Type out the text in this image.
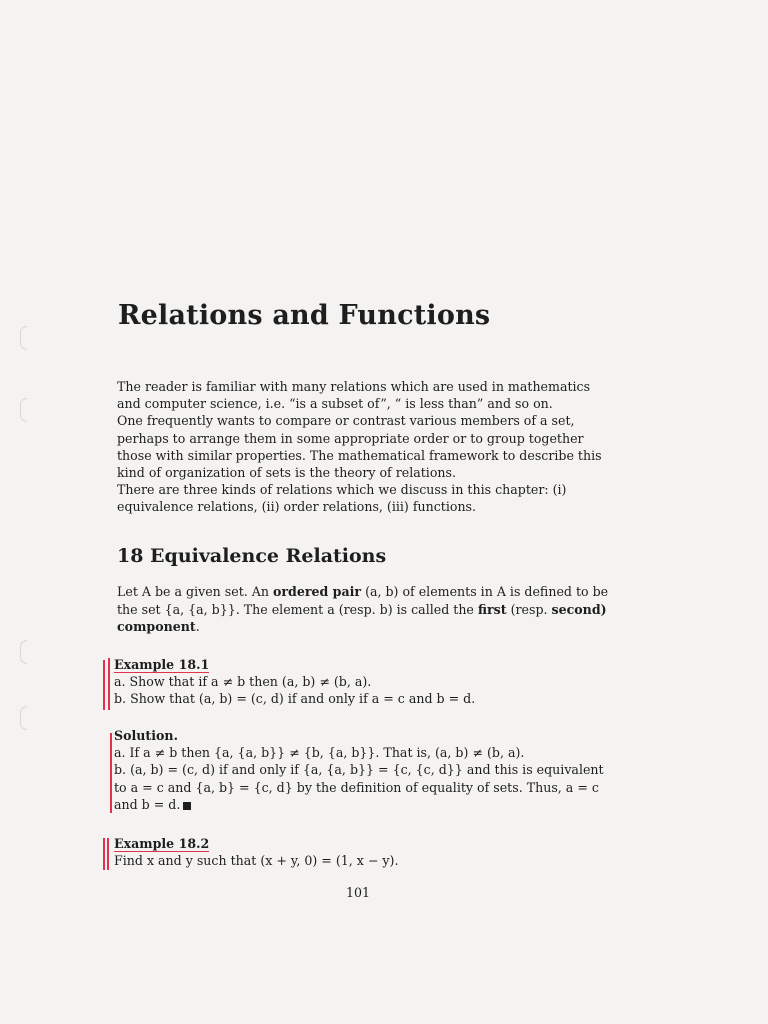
Relations and Functions

The reader is familiar with many relations which are used in mathematics and computer science, i.e. “is a subset of”, “ is less than” and so on.

One frequently wants to compare or contrast various members of a set, perhaps to arrange them in some appropriate order or to group together those with similar properties. The mathematical framework to describe this kind of organization of sets is the theory of relations.

There are three kinds of relations which we discuss in this chapter: (i) equivalence relations, (ii) order relations, (iii) functions.

18 Equivalence Relations

Let A be a given set. An ordered pair (a, b) of elements in A is defined to be the set {a, {a, b}}. The element a (resp. b) is called the first (resp. second) component.

Example 18.1

a. Show that if a ≠ b then (a, b) ≠ (b, a).

b. Show that (a, b) = (c, d) if and only if a = c and b = d.

Solution.

a. If a ≠ b then {a, {a, b}} ≠ {b, {a, b}}. That is, (a, b) ≠ (b, a).

b. (a, b) = (c, d) if and only if {a, {a, b}} = {c, {c, d}} and this is equivalent

to a = c and {a, b} = {c, d} by the definition of equality of sets. Thus, a = c

and b = d.

Example 18.2

Find x and y such that (x + y, 0) = (1, x − y).

101
